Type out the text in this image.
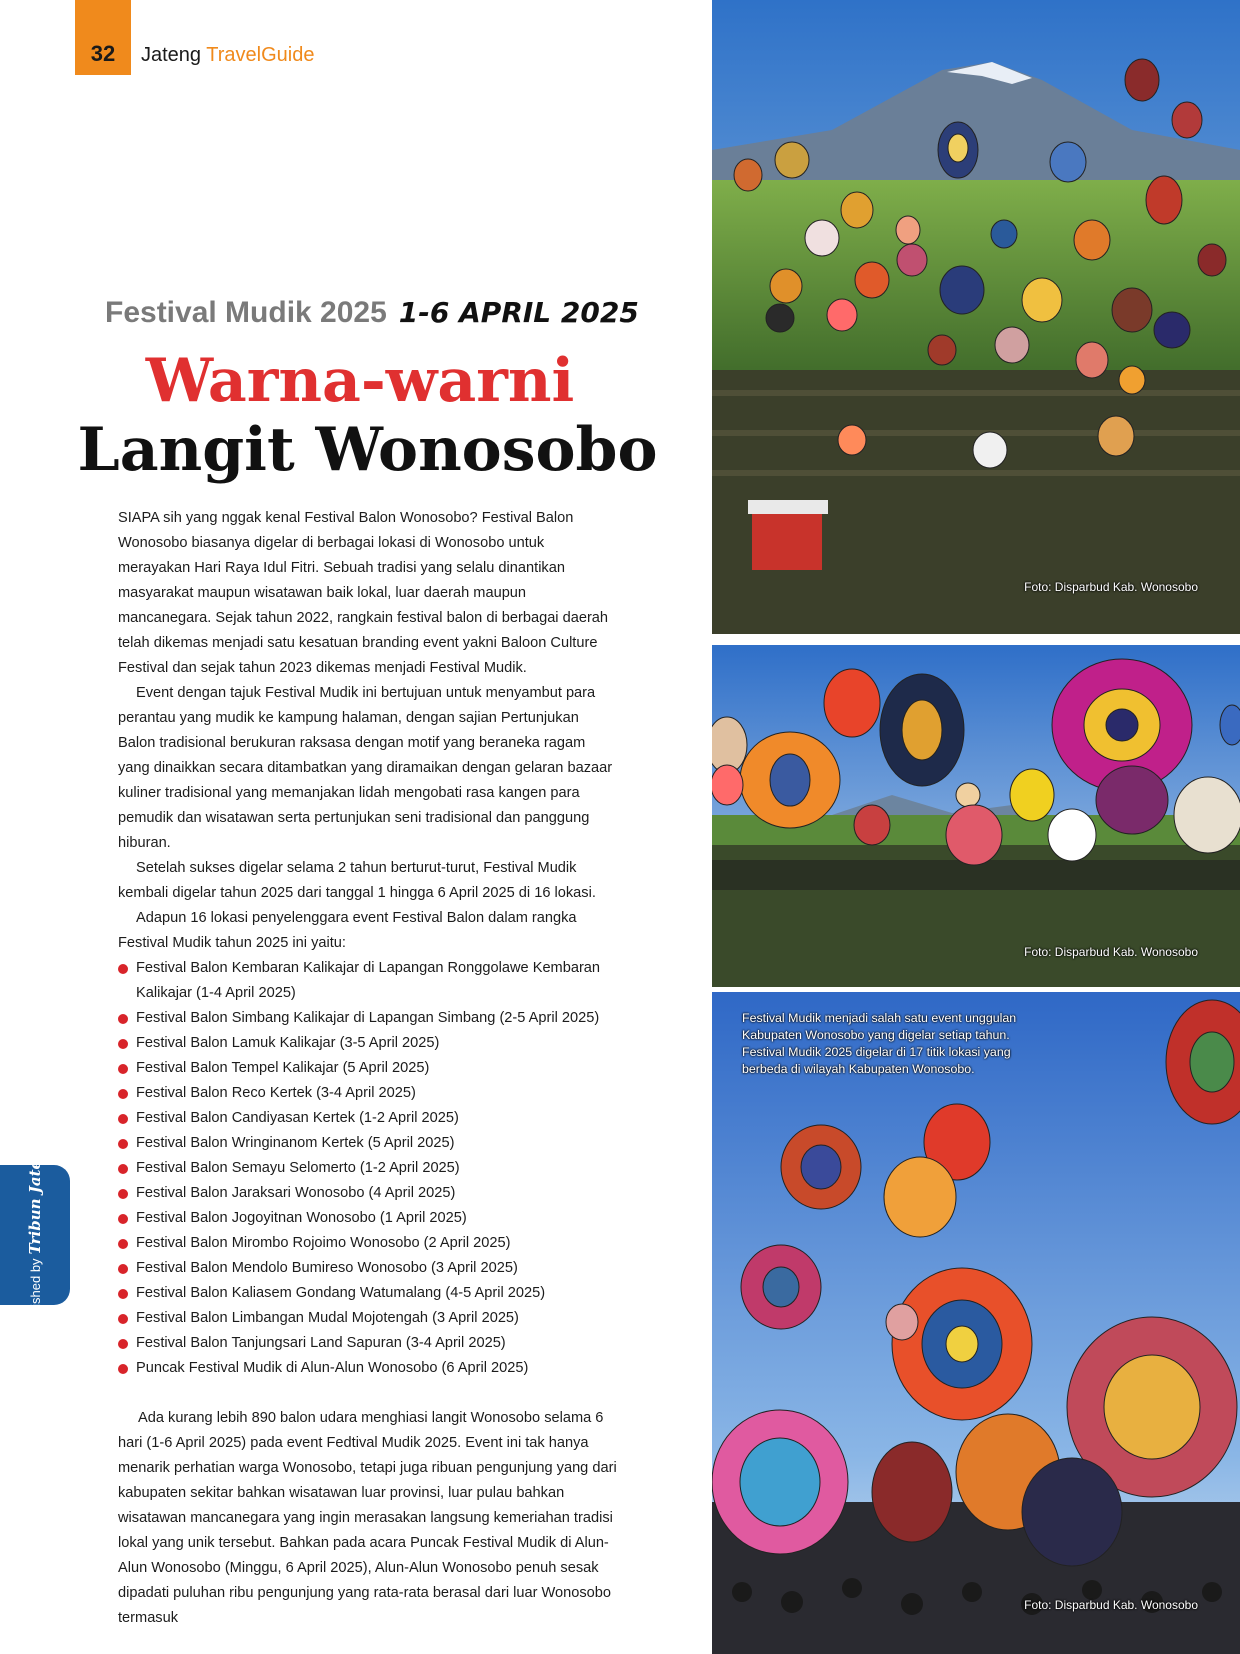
32	Jateng TravelGuide
Festival Mudik 2025 1-6 APRIL 2025
Warna-warni
Langit Wonosobo

SIAPA sih yang nggak kenal Festival Balon Wonosobo? Festival Balon Wonosobo biasanya digelar di berbagai lokasi di Wonosobo untuk merayakan Hari Raya Idul Fitri. Sebuah tradisi yang selalu dinantikan masyarakat maupun wisatawan baik lokal, luar daerah maupun mancanegara. Sejak tahun 2022, rangkain festival balon di berbagai daerah telah dikemas menjadi satu kesatuan branding event yakni Baloon Culture Festival dan sejak tahun 2023 dikemas menjadi Festival Mudik.

Event dengan tajuk Festival Mudik ini bertujuan untuk menyambut para perantau yang mudik ke kampung halaman, dengan sajian Pertunjukan Balon tradisional berukuran raksasa dengan motif yang beraneka ragam yang dinaikkan secara ditambatkan yang diramaikan dengan gelaran bazaar kuliner tradisional yang memanjakan lidah mengobati rasa kangen para pemudik dan wisatawan serta pertunjukan seni tradisional dan panggung hiburan.

Setelah sukses digelar selama 2 tahun berturut-turut, Festival Mudik kembali digelar tahun 2025 dari tanggal 1 hingga 6 April 2025 di 16 lokasi.

Adapun 16 lokasi penyelenggara event Festival Balon dalam rangka Festival Mudik tahun 2025 ini yaitu:

Festival Balon Kembaran Kalikajar di Lapangan Ronggolawe Kembaran Kalikajar (1-4 April 2025)
Festival Balon Simbang Kalikajar di Lapangan Simbang (2-5 April 2025)
Festival Balon Lamuk Kalikajar (3-5 April 2025)
Festival Balon Tempel Kalikajar (5 April 2025)
Festival Balon Reco Kertek (3-4 April 2025)
Festival Balon Candiyasan Kertek (1-2 April 2025)
Festival Balon Wringinanom Kertek (5 April 2025)
Festival Balon Semayu Selomerto (1-2 April 2025)
Festival Balon Jaraksari Wonosobo (4 April 2025)
Festival Balon Jogoyitnan Wonosobo (1 April 2025)
Festival Balon Mirombo Rojoimo Wonosobo (2 April 2025)
Festival Balon Mendolo Bumireso Wonosobo (3 April 2025)
Festival Balon Kaliasem Gondang Watumalang (4-5 April 2025)
Festival Balon Limbangan Mudal Mojotengah (3 April 2025)
Festival Balon Tanjungsari Land Sapuran (3-4 April 2025)
Puncak Festival Mudik di Alun-Alun Wonosobo (6 April 2025)

Ada kurang lebih 890 balon udara menghiasi langit Wonosobo selama 6 hari (1-6 April 2025) pada event Fedtival Mudik 2025. Event ini tak hanya menarik perhatian warga Wonosobo, tetapi juga ribuan pengunjung yang dari kabupaten sekitar bahkan wisatawan luar provinsi, luar pulau bahkan wisatawan mancanegara yang ingin merasakan langsung kemeriahan tradisi lokal yang unik tersebut. Bahkan pada acara Puncak Festival Mudik di Alun-Alun Wonosobo (Minggu, 6 April 2025), Alun-Alun Wonosobo penuh sesak dipadati puluhan ribu pengunjung yang rata-rata berasal dari luar Wonosobo termasuk

published byTribun Jateng
Foto: Disparbud Kab. Wonosobo
Foto: Disparbud Kab. Wonosobo
Festival Mudik menjadi salah satu event unggulan Kabupaten Wonosobo yang digelar setiap tahun. Festival Mudik 2025 digelar di 17 titik lokasi yang berbeda di wilayah Kabupaten Wonosobo.
Foto: Disparbud Kab. Wonosobo
